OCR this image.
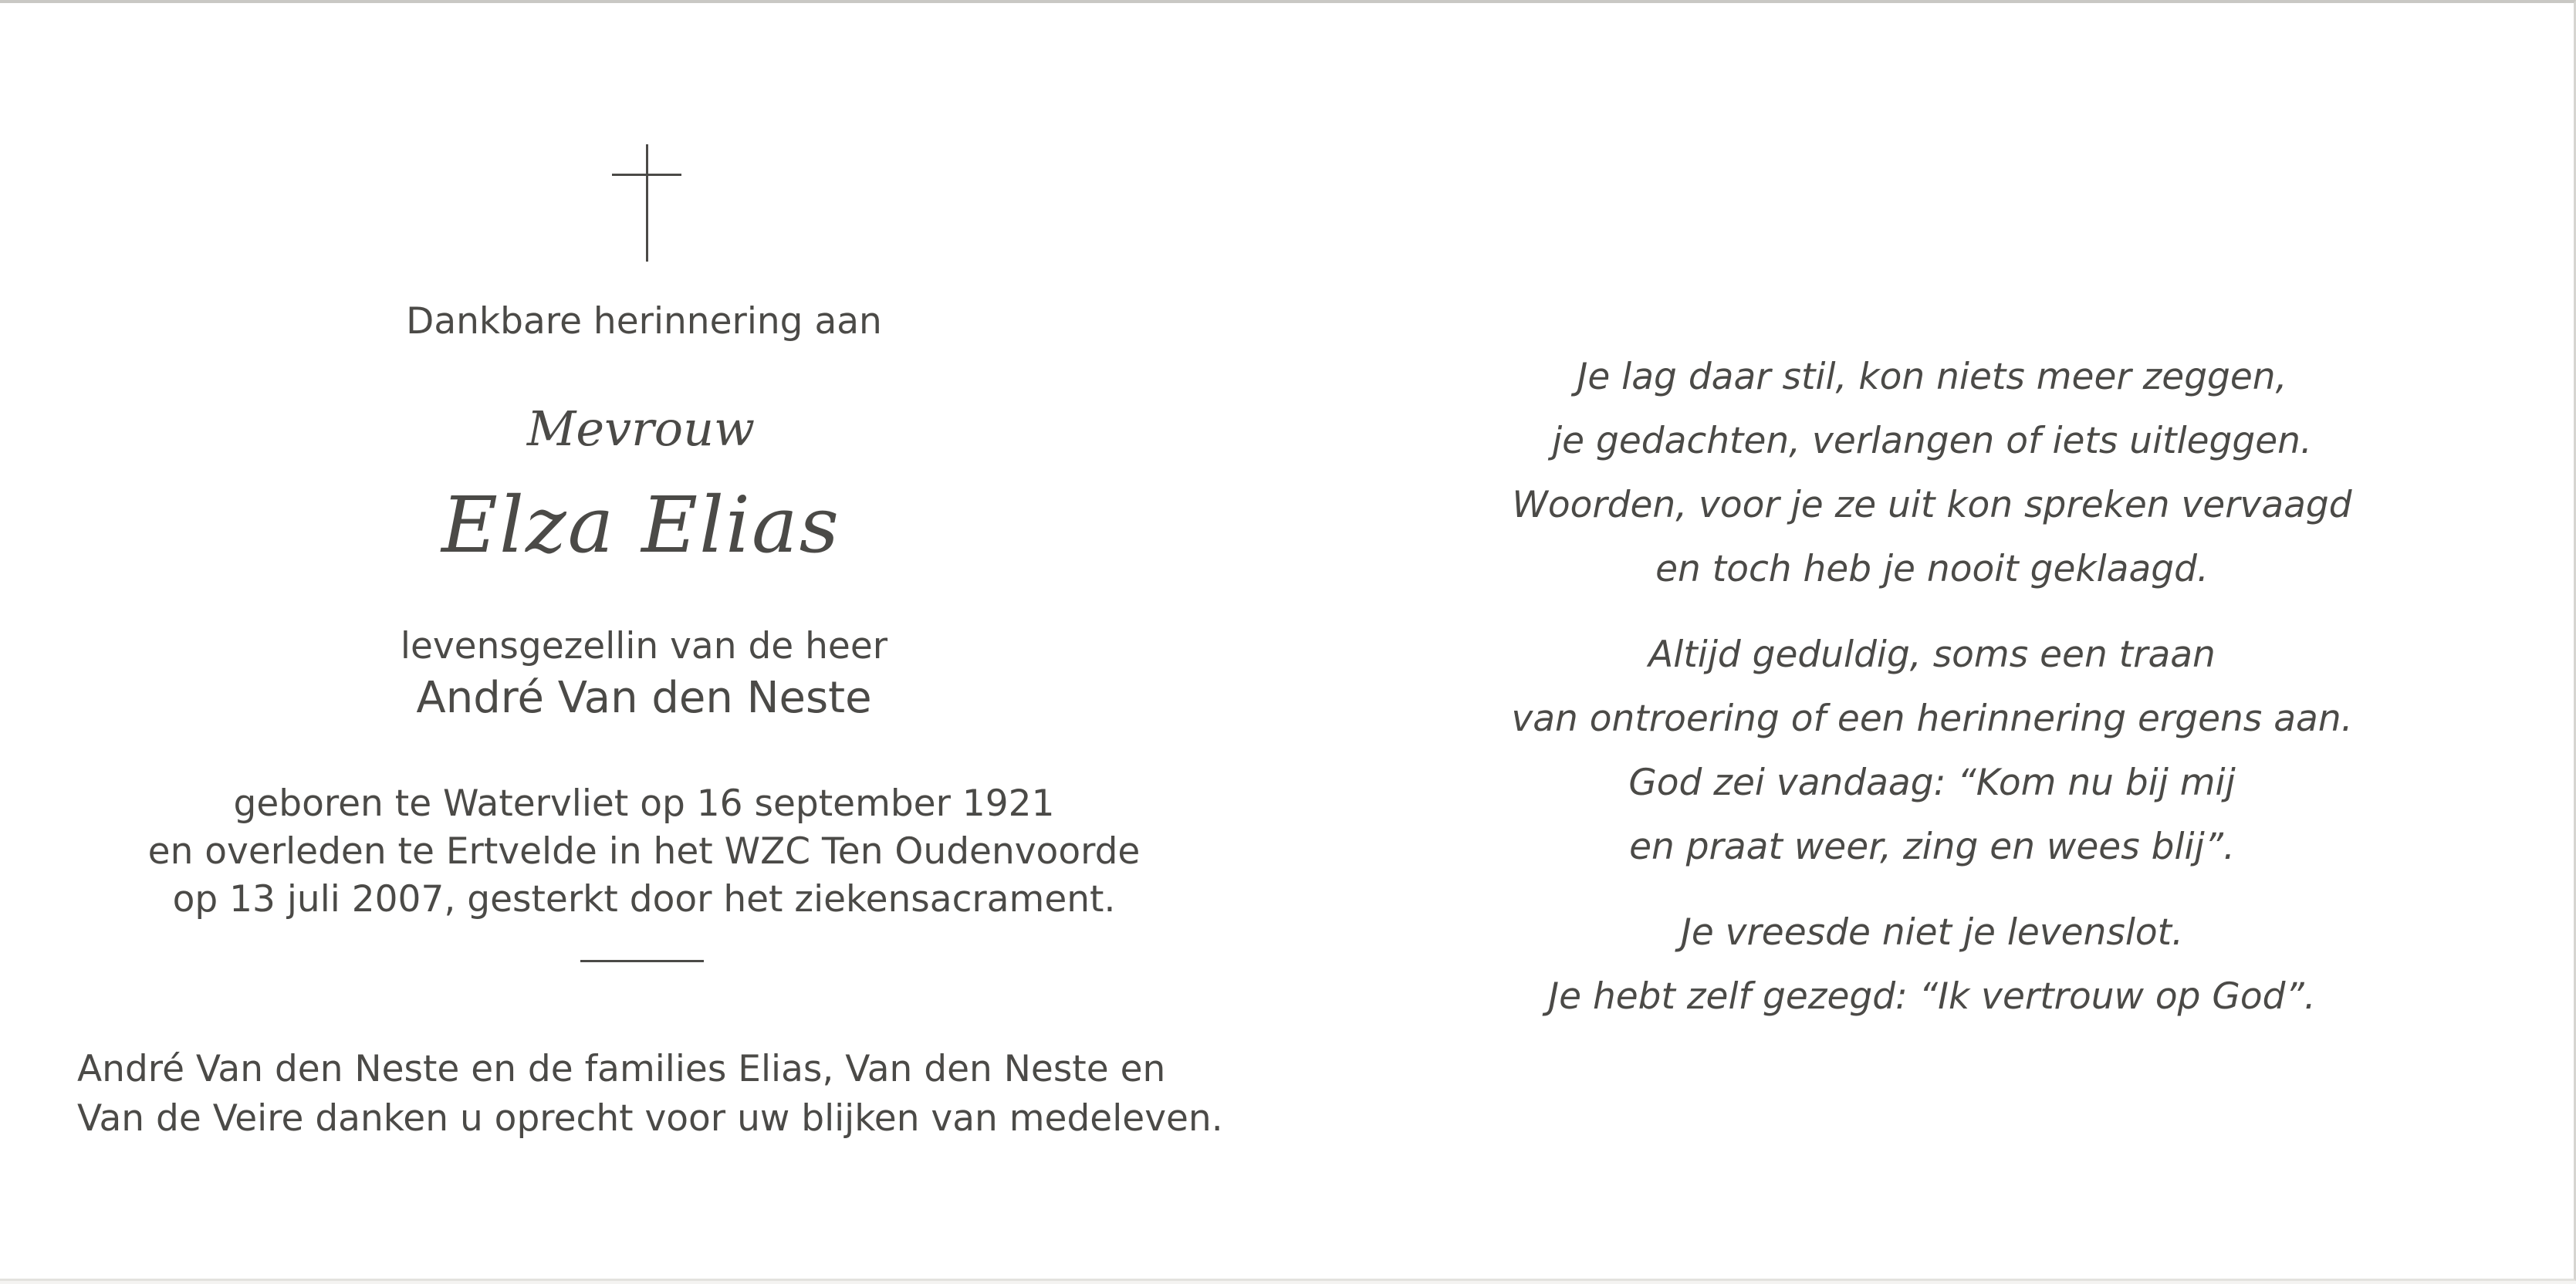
Dankbare herinnering aan
Mevrouw
Elza Elias
levensgezellin van de heer
André Van den Neste
geboren te Watervliet op 16 september 1921
en overleden te Ertvelde in het WZC Ten Oudenvoorde
op 13 juli 2007, gesterkt door het ziekensacrament.
André Van den Neste en de families Elias, Van den Neste en
Van de Veire danken u oprecht voor uw blijken van medeleven.
Je lag daar stil, kon niets meer zeggen,
je gedachten, verlangen of iets uitleggen.
Woorden, voor je ze uit kon spreken vervaagd
en toch heb je nooit geklaagd.
Altijd geduldig, soms een traan
van ontroering of een herinnering ergens aan.
God zei vandaag: “Kom nu bij mij
en praat weer, zing en wees blij”.
Je vreesde niet je levenslot.
Je hebt zelf gezegd: “Ik vertrouw op God”.
